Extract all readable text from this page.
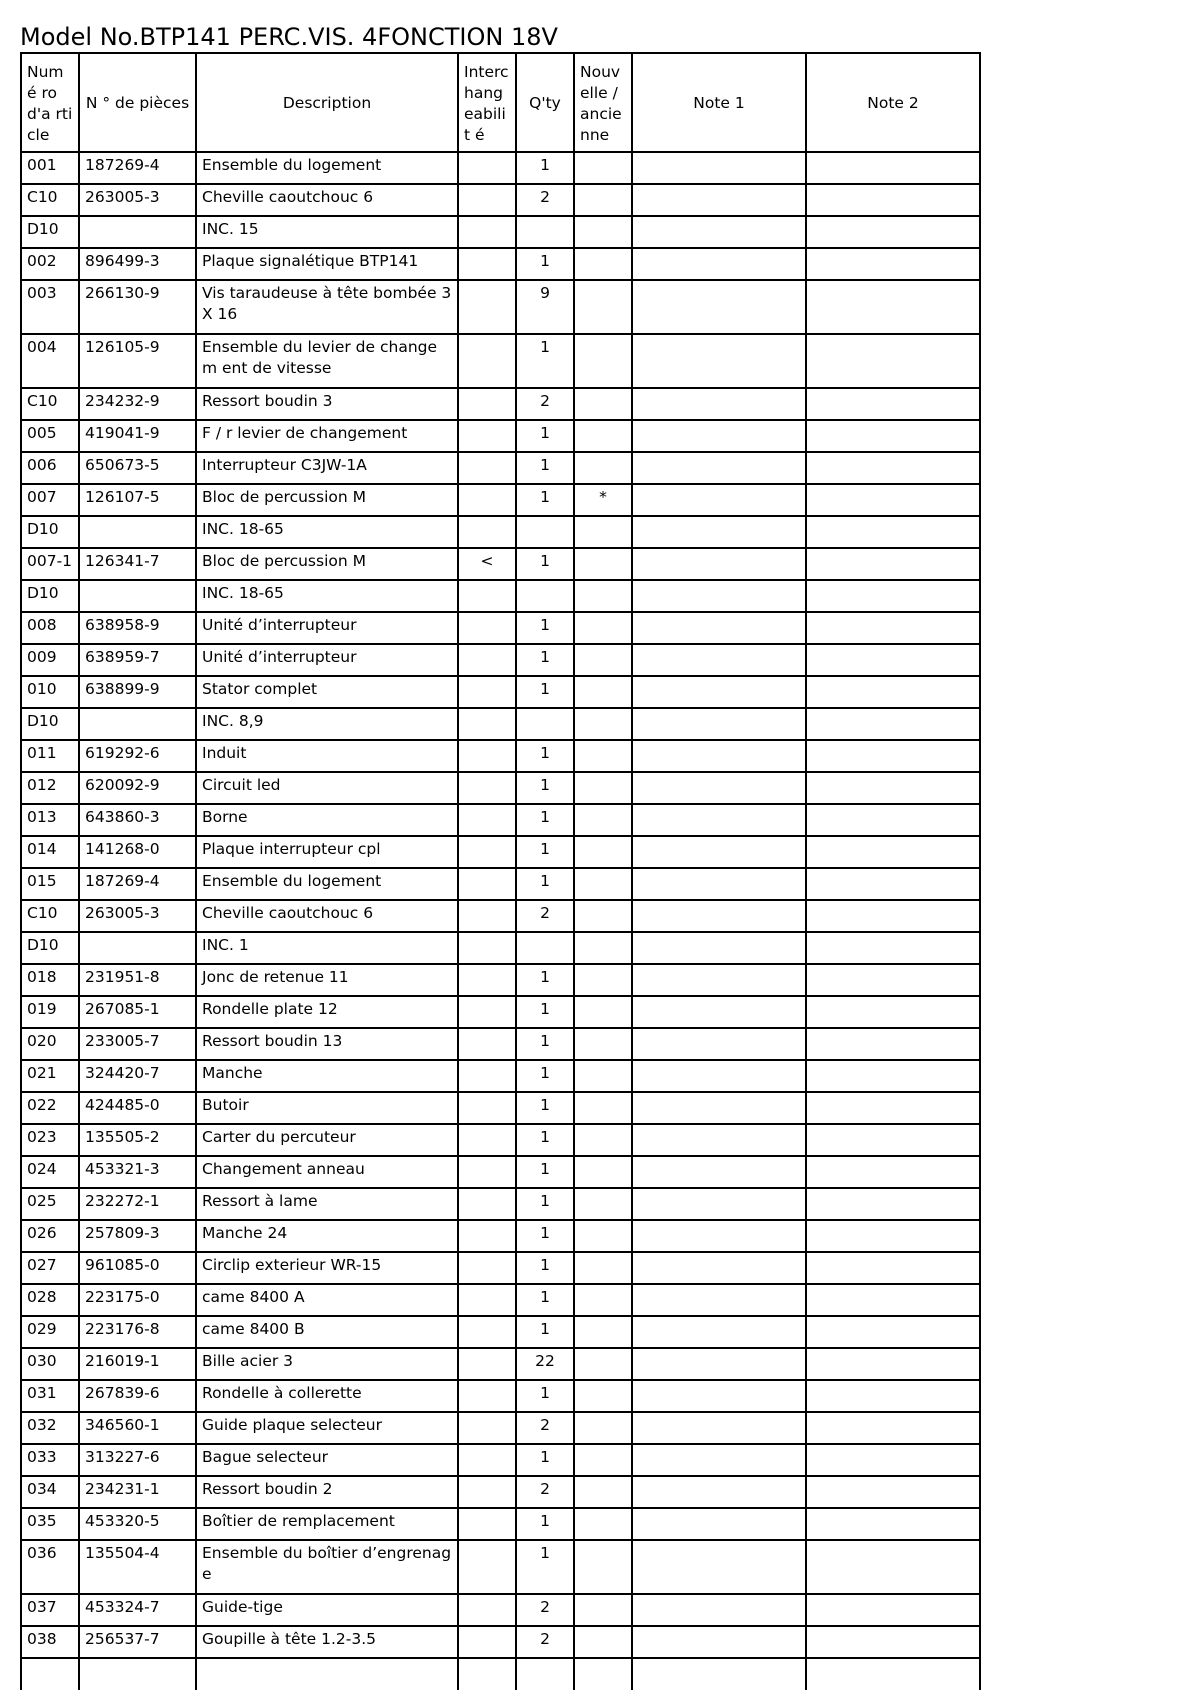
Model No.BTP141 PERC.VIS. 4FONCTION 18V
Numé ro d'a rticle	N ° de pièces	Description	Interc hang eabilit é	Q'ty	Nouv elle / ancie nne	Note 1	Note 2
001	187269-4	Ensemble du logement		1			
C10	263005-3	Cheville caoutchouc 6		2			
D10		INC. 15					
002	896499-3	Plaque signalétique BTP141		1			
003	266130-9	Vis taraudeuse à tête bombée 3X 16		9			
004	126105-9	Ensemble du levier de changem ent de vitesse		1			
C10	234232-9	Ressort boudin 3		2			
005	419041-9	F / r levier de changement		1			
006	650673-5	Interrupteur C3JW-1A		1			
007	126107-5	Bloc de percussion M		1	*		
D10		INC. 18-65					
007-1	126341-7	Bloc de percussion M	<	1			
D10		INC. 18-65					
008	638958-9	Unité d’interrupteur		1			
009	638959-7	Unité d’interrupteur		1			
010	638899-9	Stator complet		1			
D10		INC. 8,9					
011	619292-6	Induit		1			
012	620092-9	Circuit led		1			
013	643860-3	Borne		1			
014	141268-0	Plaque interrupteur cpl		1			
015	187269-4	Ensemble du logement		1			
C10	263005-3	Cheville caoutchouc 6		2			
D10		INC. 1					
018	231951-8	Jonc de retenue 11		1			
019	267085-1	Rondelle plate 12		1			
020	233005-7	Ressort boudin 13		1			
021	324420-7	Manche		1			
022	424485-0	Butoir		1			
023	135505-2	Carter du percuteur		1			
024	453321-3	Changement anneau		1			
025	232272-1	Ressort à lame		1			
026	257809-3	Manche 24		1			
027	961085-0	Circlip exterieur WR-15		1			
028	223175-0	came 8400 A		1			
029	223176-8	came 8400 B		1			
030	216019-1	Bille acier 3		22			
031	267839-6	Rondelle à collerette		1			
032	346560-1	Guide plaque selecteur		2			
033	313227-6	Bague selecteur		1			
034	234231-1	Ressort boudin 2		2			
035	453320-5	Boîtier de remplacement		1			
036	135504-4	Ensemble du boîtier d’engrenag e		1			
037	453324-7	Guide-tige		2			
038	256537-7	Goupille à tête 1.2-3.5		2			
